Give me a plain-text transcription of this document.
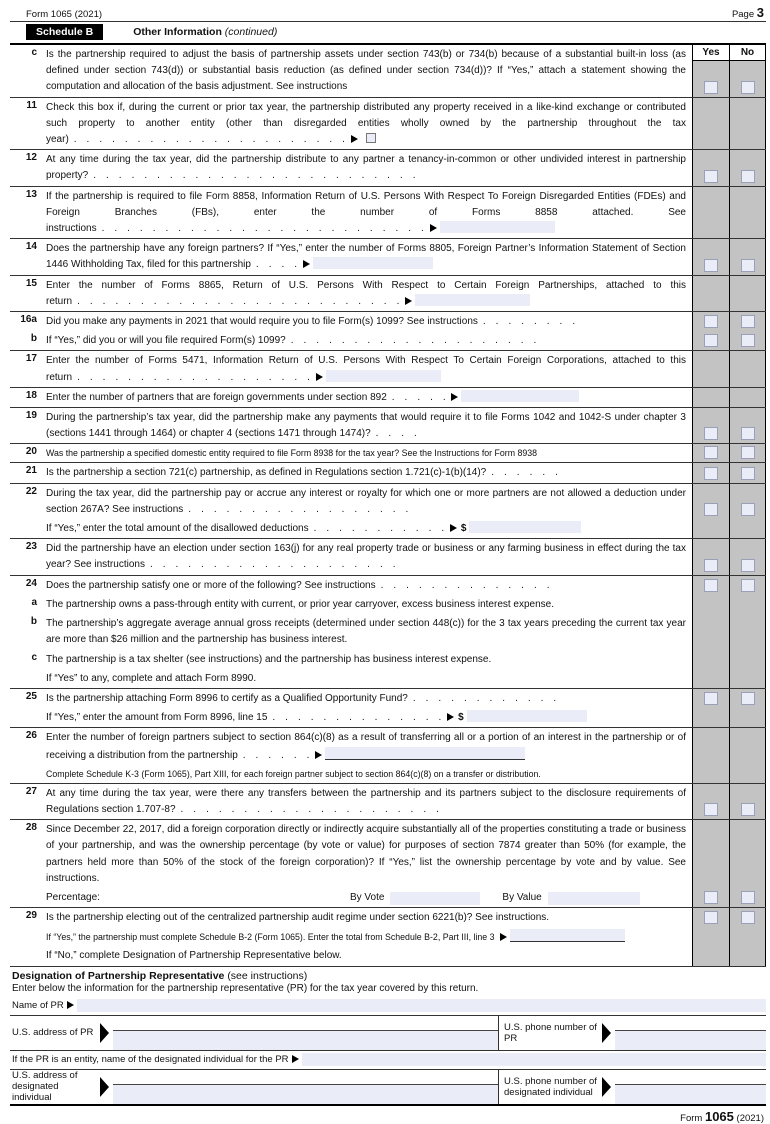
Form 1065 (2021)	Page 3
Schedule B	Other Information (continued)
c Is the partnership required to adjust the basis of partnership assets under section 743(b) or 734(b) because of a substantial built-in loss (as defined under section 743(d)) or substantial basis reduction (as defined under section 734(d))? If “Yes,” attach a statement showing the computation and allocation of the basis adjustment. See instructions
Yes	No
11 Check this box if, during the current or prior tax year, the partnership distributed any property received in a like-kind exchange or contributed such property to another entity (other than disregarded entities wholly owned by the partnership throughout the tax year) .  .  .  .  .  .  .  .  .  .  .  .  .  .  .  .  .  .  .  .  .  .
12 At any time during the tax year, did the partnership distribute to any partner a tenancy-in-common or other undivided interest in partnership property? .  .  .  .  .  .  .  .  .  .  .  .  .  .  .  .  .  .  .  .  .  .  .  .  .  .
13 If the partnership is required to file Form 8858, Information Return of U.S. Persons With Respect To Foreign Disregarded Entities (FDEs) and Foreign Branches (FBs), enter the number of Forms 8858 attached. See instructions .  .  .  .  .  .  .  .  .  .  .  .  .  .  .  .  .  .  .  .  .  .  .  .  .  .
14 Does the partnership have any foreign partners? If “Yes,” enter the number of Forms 8805, Foreign Partner’s Information Statement of Section 1446 Withholding Tax, filed for this partnership .  .  .  .
15 Enter the number of Forms 8865, Return of U.S. Persons With Respect to Certain Foreign Partnerships, attached to this return .  .  .  .  .  .  .  .  .  .  .  .  .  .  .  .  .  .  .  .  .  .  .  .  .  .
16a Did you make any payments in 2021 that would require you to file Form(s) 1099? See instructions .  .  .  .  .  .  .  .
b If “Yes,” did you or will you file required Form(s) 1099? .  .  .  .  .  .  .  .  .  .  .  .  .  .  .  .  .  .  .  .
17 Enter the number of Forms 5471, Information Return of U.S. Persons With Respect To Certain Foreign Corporations, attached to this return .  .  .  .  .  .  .  .  .  .  .  .  .  .  .  .  .  .  .
18 Enter the number of partners that are foreign governments under section 892 .  .  .  .  .
19 During the partnership’s tax year, did the partnership make any payments that would require it to file Forms 1042 and 1042-S under chapter 3 (sections 1441 through 1464) or chapter 4 (sections 1471 through 1474)? .  .  .  .
20	Was the partnership a specified domestic entity required to file Form 8938 for the tax year? See the Instructions for Form 8938
21 Is the partnership a section 721(c) partnership, as defined in Regulations section 1.721(c)-1(b)(14)? .  .  .  .  .  .
22 During the tax year, did the partnership pay or accrue any interest or royalty for which one or more partners are not allowed a deduction under section 267A? See instructions .  .  .  .  .  .  .  .  .  .  .  .  .  .  .  .  .  .
If “Yes,” enter the total amount of the disallowed deductions .  .  .  .  .  .  .  .  .  .  . $
23 Did the partnership have an election under section 163(j) for any real property trade or business or any farming business in effect during the tax year? See instructions .  .  .  .  .  .  .  .  .  .  .  .  .  .  .  .  .  .  .  .
24 Does the partnership satisfy one or more of the following? See instructions .  .  .  .  .  .  .  .  .  .  .  .  .  .
a The partnership owns a pass-through entity with current, or prior year carryover, excess business interest expense.
b The partnership’s aggregate average annual gross receipts (determined under section 448(c)) for the 3 tax years preceding the current tax year are more than $26 million and the partnership has business interest.
c The partnership is a tax shelter (see instructions) and the partnership has business interest expense.
If “Yes” to any, complete and attach Form 8990.
25 Is the partnership attaching Form 8996 to certify as a Qualified Opportunity Fund? .  .  .  .  .  .  .  .  .  .  .  .
If “Yes,” enter the amount from Form 8996, line 15 .  .  .  .  .  .  .  .  .  .  .  .  .  . $
26 Enter the number of foreign partners subject to section 864(c)(8) as a result of transferring all or a portion of an interest in the partnership or of receiving a distribution from the partnership .  .  .  .  .  .
Complete Schedule K-3 (Form 1065), Part XIII, for each foreign partner subject to section 864(c)(8) on a transfer or distribution.
27 At any time during the tax year, were there any transfers between the partnership and its partners subject to the disclosure requirements of Regulations section 1.707-8? .  .  .  .  .  .  .  .  .  .  .  .  .  .  .  .  .  .  .  .  .
28 Since December 22, 2017, did a foreign corporation directly or indirectly acquire substantially all of the properties constituting a trade or business of your partnership, and was the ownership percentage (by vote or value) for purposes of section 7874 greater than 50% (for example, the partners held more than 50% of the stock of the foreign corporation)? If “Yes,” list the ownership percentage by vote and by value. See instructions.
Percentage:	By Vote	By Value
29 Is the partnership electing out of the centralized partnership audit regime under section 6221(b)? See instructions.
If “Yes,” the partnership must complete Schedule B-2 (Form 1065). Enter the total from Schedule B-2, Part III, line 3
If “No,” complete Designation of Partnership Representative below.
Designation of Partnership Representative (see instructions)
Enter below the information for the partnership representative (PR) for the tax year covered by this return.
Name of PR
U.S. address of PR	U.S. phone number of
PR
If the PR is an entity, name of the designated individual for the PR
U.S. address of
designated individual
U.S. phone number of
designated individual
Form 1065 (2021)
